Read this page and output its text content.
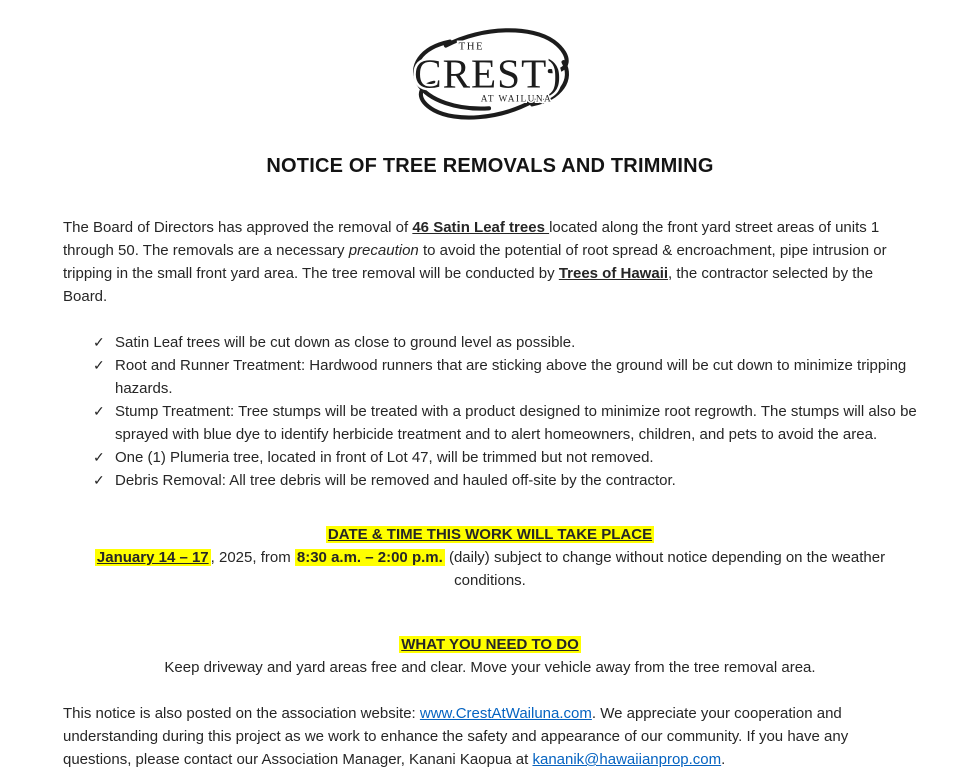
THE
CREST)
AT WAILUNA
NOTICE OF TREE REMOVALS AND TRIMMING

The Board of Directors has approved the removal of 46 Satin Leaf trees located along the front yard street areas of units 1 through 50. The removals are a necessary precaution to avoid the potential of root spread & encroachment, pipe intrusion or tripping in the small front yard area. The tree removal will be conducted by Trees of Hawaii, the contractor selected by the Board.

✓ Satin Leaf trees will be cut down as close to ground level as possible.
✓ Root and Runner Treatment: Hardwood runners that are sticking above the ground will be cut down to minimize tripping hazards.
✓ Stump Treatment: Tree stumps will be treated with a product designed to minimize root regrowth. The stumps will also be sprayed with blue dye to identify herbicide treatment and to alert homeowners, children, and pets to avoid the area.
✓ One (1) Plumeria tree, located in front of Lot 47, will be trimmed but not removed.
✓ Debris Removal: All tree debris will be removed and hauled off-site by the contractor.

DATE & TIME THIS WORK WILL TAKE PLACE

January 14 – 17 , 2025, from 8:30 a.m. – 2:00 p.m. (daily) subject to change without notice depending on the weather conditions.

WHAT YOU NEED TO DO

Keep driveway and yard areas free and clear. Move your vehicle away from the tree removal area.

This notice is also posted on the association website: www.CrestAtWailuna.com. We appreciate your cooperation and understanding during this project as we work to enhance the safety and appearance of our community. If you have any questions, please contact our Association Manager, Kanani Kaopua at kananik@hawaiianprop.com.
